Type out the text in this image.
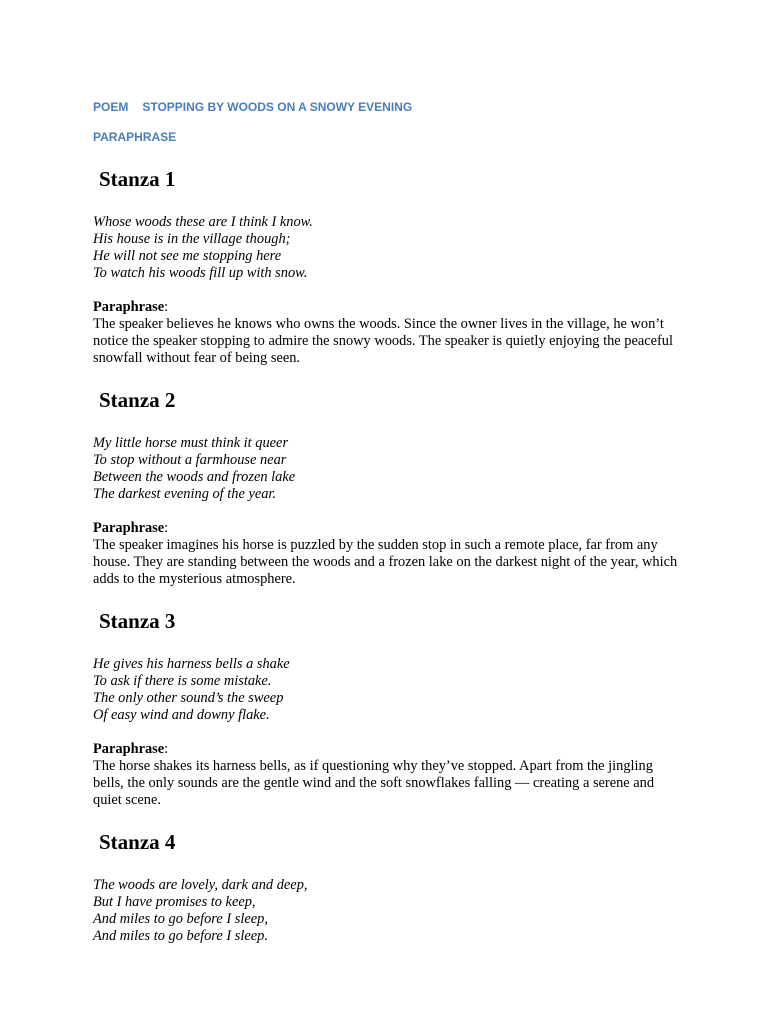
POEM STOPPING BY WOODS ON A SNOWY EVENING

PARAPHRASE

Stanza 1
Whose woods these are I think I know.
His house is in the village though;
He will not see me stopping here
To watch his woods fill up with snow.

Paraphrase:

The speaker believes he knows who owns the woods. Since the owner lives in the village, he won’t notice the speaker stopping to admire the snowy woods. The speaker is quietly enjoying the peaceful snowfall without fear of being seen.

Stanza 2
My little horse must think it queer
To stop without a farmhouse near
Between the woods and frozen lake
The darkest evening of the year.

Paraphrase:

The speaker imagines his horse is puzzled by the sudden stop in such a remote place, far from any house. They are standing between the woods and a frozen lake on the darkest night of the year, which adds to the mysterious atmosphere.

Stanza 3
He gives his harness bells a shake
To ask if there is some mistake.
The only other sound’s the sweep
Of easy wind and downy flake.

Paraphrase:

The horse shakes its harness bells, as if questioning why they’ve stopped. Apart from the jingling bells, the only sounds are the gentle wind and the soft snowflakes falling — creating a serene and quiet scene.

Stanza 4
The woods are lovely, dark and deep,
But I have promises to keep,
And miles to go before I sleep,
And miles to go before I sleep.
